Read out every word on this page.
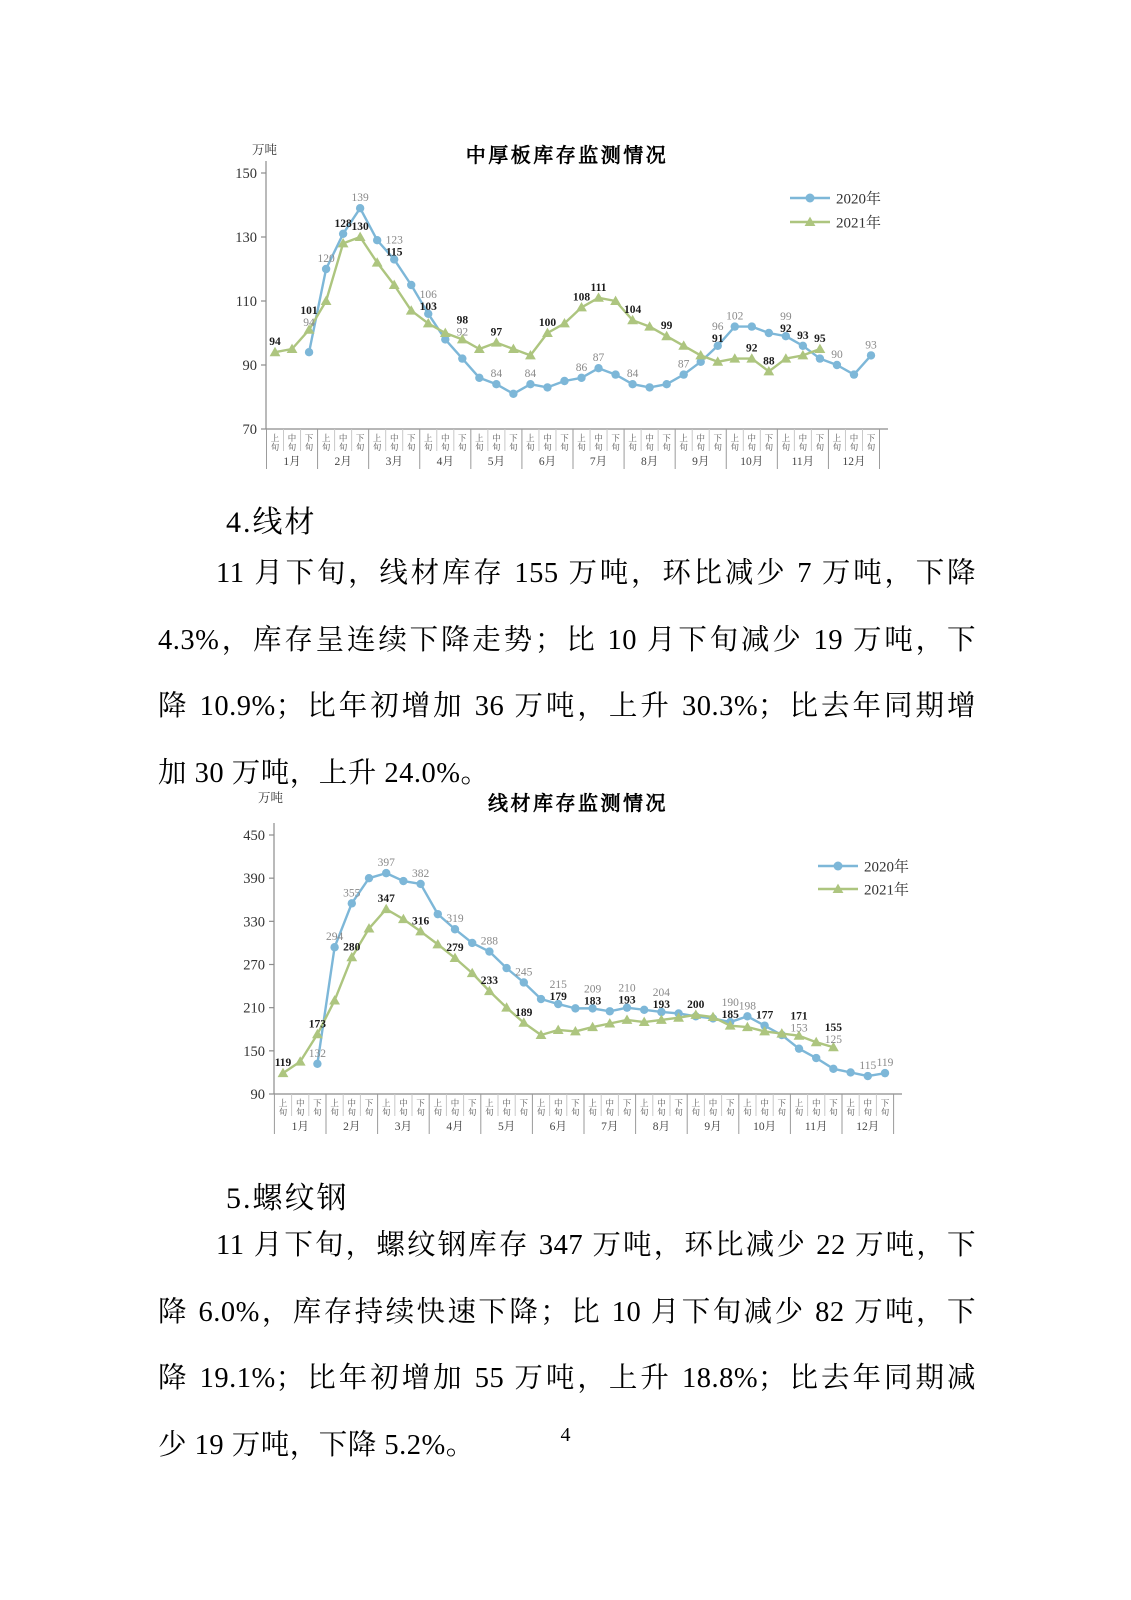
150
130
110
90
70 上
旬
中
旬
下
旬
上
旬
中
旬
下
旬
上
旬
中
旬
下
旬
上
旬
中
旬
下
旬
上
旬
中
旬
下
旬
上
旬
中
旬
下
旬
上
旬
中
旬
下
旬
上
旬
中
旬
下
旬
上
旬
中
旬
下
旬
上
旬
中
旬
下
旬
上
旬
中
旬
下
旬
上
旬
中
旬
下
旬
1月	2月	3月	4月	5月	6月	7月	8月	9月	10月 11月 12月
万吨	中厚板库存监测情况
94
101
94
120
128
139
130
123
115
106
103
98
92
84
97
84
100
86
108
87
111
84
104
99
87
96
91
102
92
88
99
92
93 95
90
93
2020年
2021年
4.线材
11 月下旬，线材库存 155 万吨，环比减少 7 万吨，下降
4.3%，库存呈连续下降走势；比 10 月下旬减少 19 万吨，下
降 10.9%；比年初增加 36 万吨，上升 30.3%；比去年同期增
加 30 万吨，上升 24.0%。
450
390
330
270
210
150
90 上
旬
中
旬
下
旬
上
旬
中
旬
下
旬
上
旬
中
旬
下
旬
上
旬
中
旬
下
旬
上
旬
中
旬
下
旬
上
旬
中
旬
下
旬
上
旬
中
旬
下
旬
上
旬
中
旬
下
旬
上
旬
中
旬
下
旬
上
旬
中
旬
下
旬
上
旬
中
旬
下
旬
上
旬
中
旬
下
旬
1月	2月	3月	4月	5月	6月	7月	8月	9月	10月	11月	12月
万吨	线材库存监测情况
119
132
173
294
355
280
397
347
382
316 319
279
288
233
245
189
215
179
209
183
210
193
204
193 200 190
185
198
177 171
153 155
125
115 119
2020年
2021年
5.螺纹钢
11 月下旬，螺纹钢库存 347 万吨，环比减少 22 万吨，下
降 6.0%，库存持续快速下降；比 10 月下旬减少 82 万吨，下
降 19.1%；比年初增加 55 万吨，上升 18.8%；比去年同期减
少 19 万吨，下降 5.2%。	4
